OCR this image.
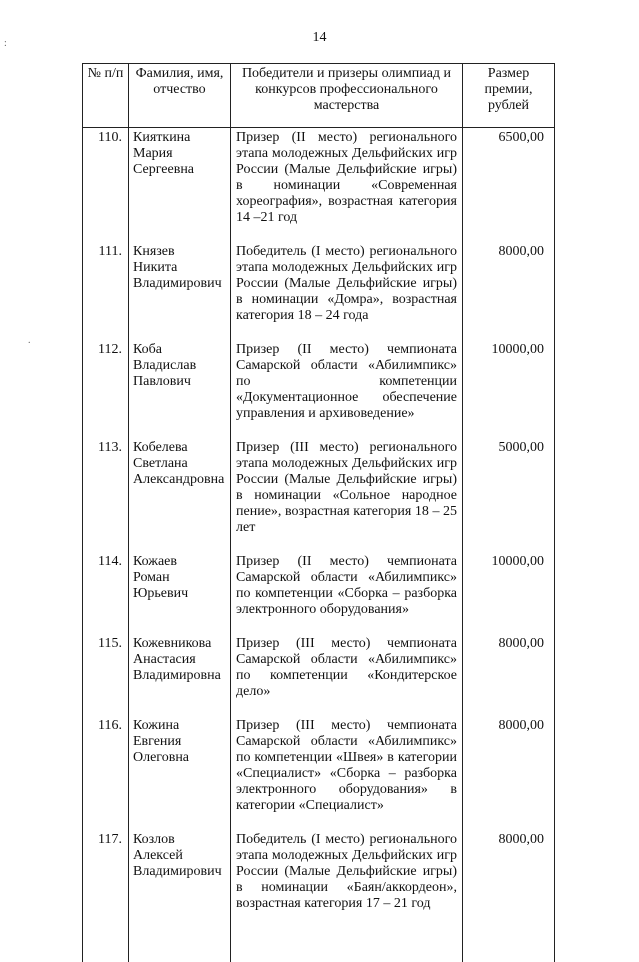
14
№ п/п	Фамилия, имя, отчество	Победители и призеры олимпиад и конкурсов профессионального мастерства	Размер премии, рублей
110.	Кияткина
Мария
Сергеевна	Призер (II место) регионального этапа молодежных Дельфийских игр России (Малые Дельфийские игры) в номинации «Современная хореография», возрастная категория 14 –21 год	6500,00

111.	Князев
Никита
Владимирович	Победитель (I место) регионального этапа молодежных Дельфийских игр России (Малые Дельфийские игры) в номинации «Домра», возрастная категория 18 – 24 года	8000,00

112.	Коба
Владислав
Павлович	Призер (II место) чемпионата Самарской области «Абилимпикс» по компетенции «Документационное обеспечение управления и архивоведение»	10000,00

113.	Кобелева
Светлана
Александровна	Призер (III место) регионального этапа молодежных Дельфийских игр России (Малые Дельфийские игры) в номинации «Сольное народное пение», возрастная категория 18 – 25 лет	5000,00

114.	Кожаев
Роман
Юрьевич	Призер (II место) чемпионата Самарской области «Абилимпикс» по компетенции «Сборка – разборка электронного оборудования»	10000,00

115.	Кожевникова
Анастасия
Владимировна	Призер (III место) чемпионата Самарской области «Абилимпикс» по компетенции «Кондитерское дело»	8000,00

116.	Кожина
Евгения
Олеговна	Призер (III место) чемпионата Самарской области «Абилимпикс» по компетенции «Швея» в категории «Специалист» «Сборка – разборка электронного оборудования» в категории «Специалист»	8000,00

117.	Козлов
Алексей
Владимирович	Победитель (I место) регионального этапа молодежных Дельфийских игр России (Малые Дельфийские игры) в номинации «Баян/аккордеон», возрастная категория 17 – 21 год	8000,00
:
.
